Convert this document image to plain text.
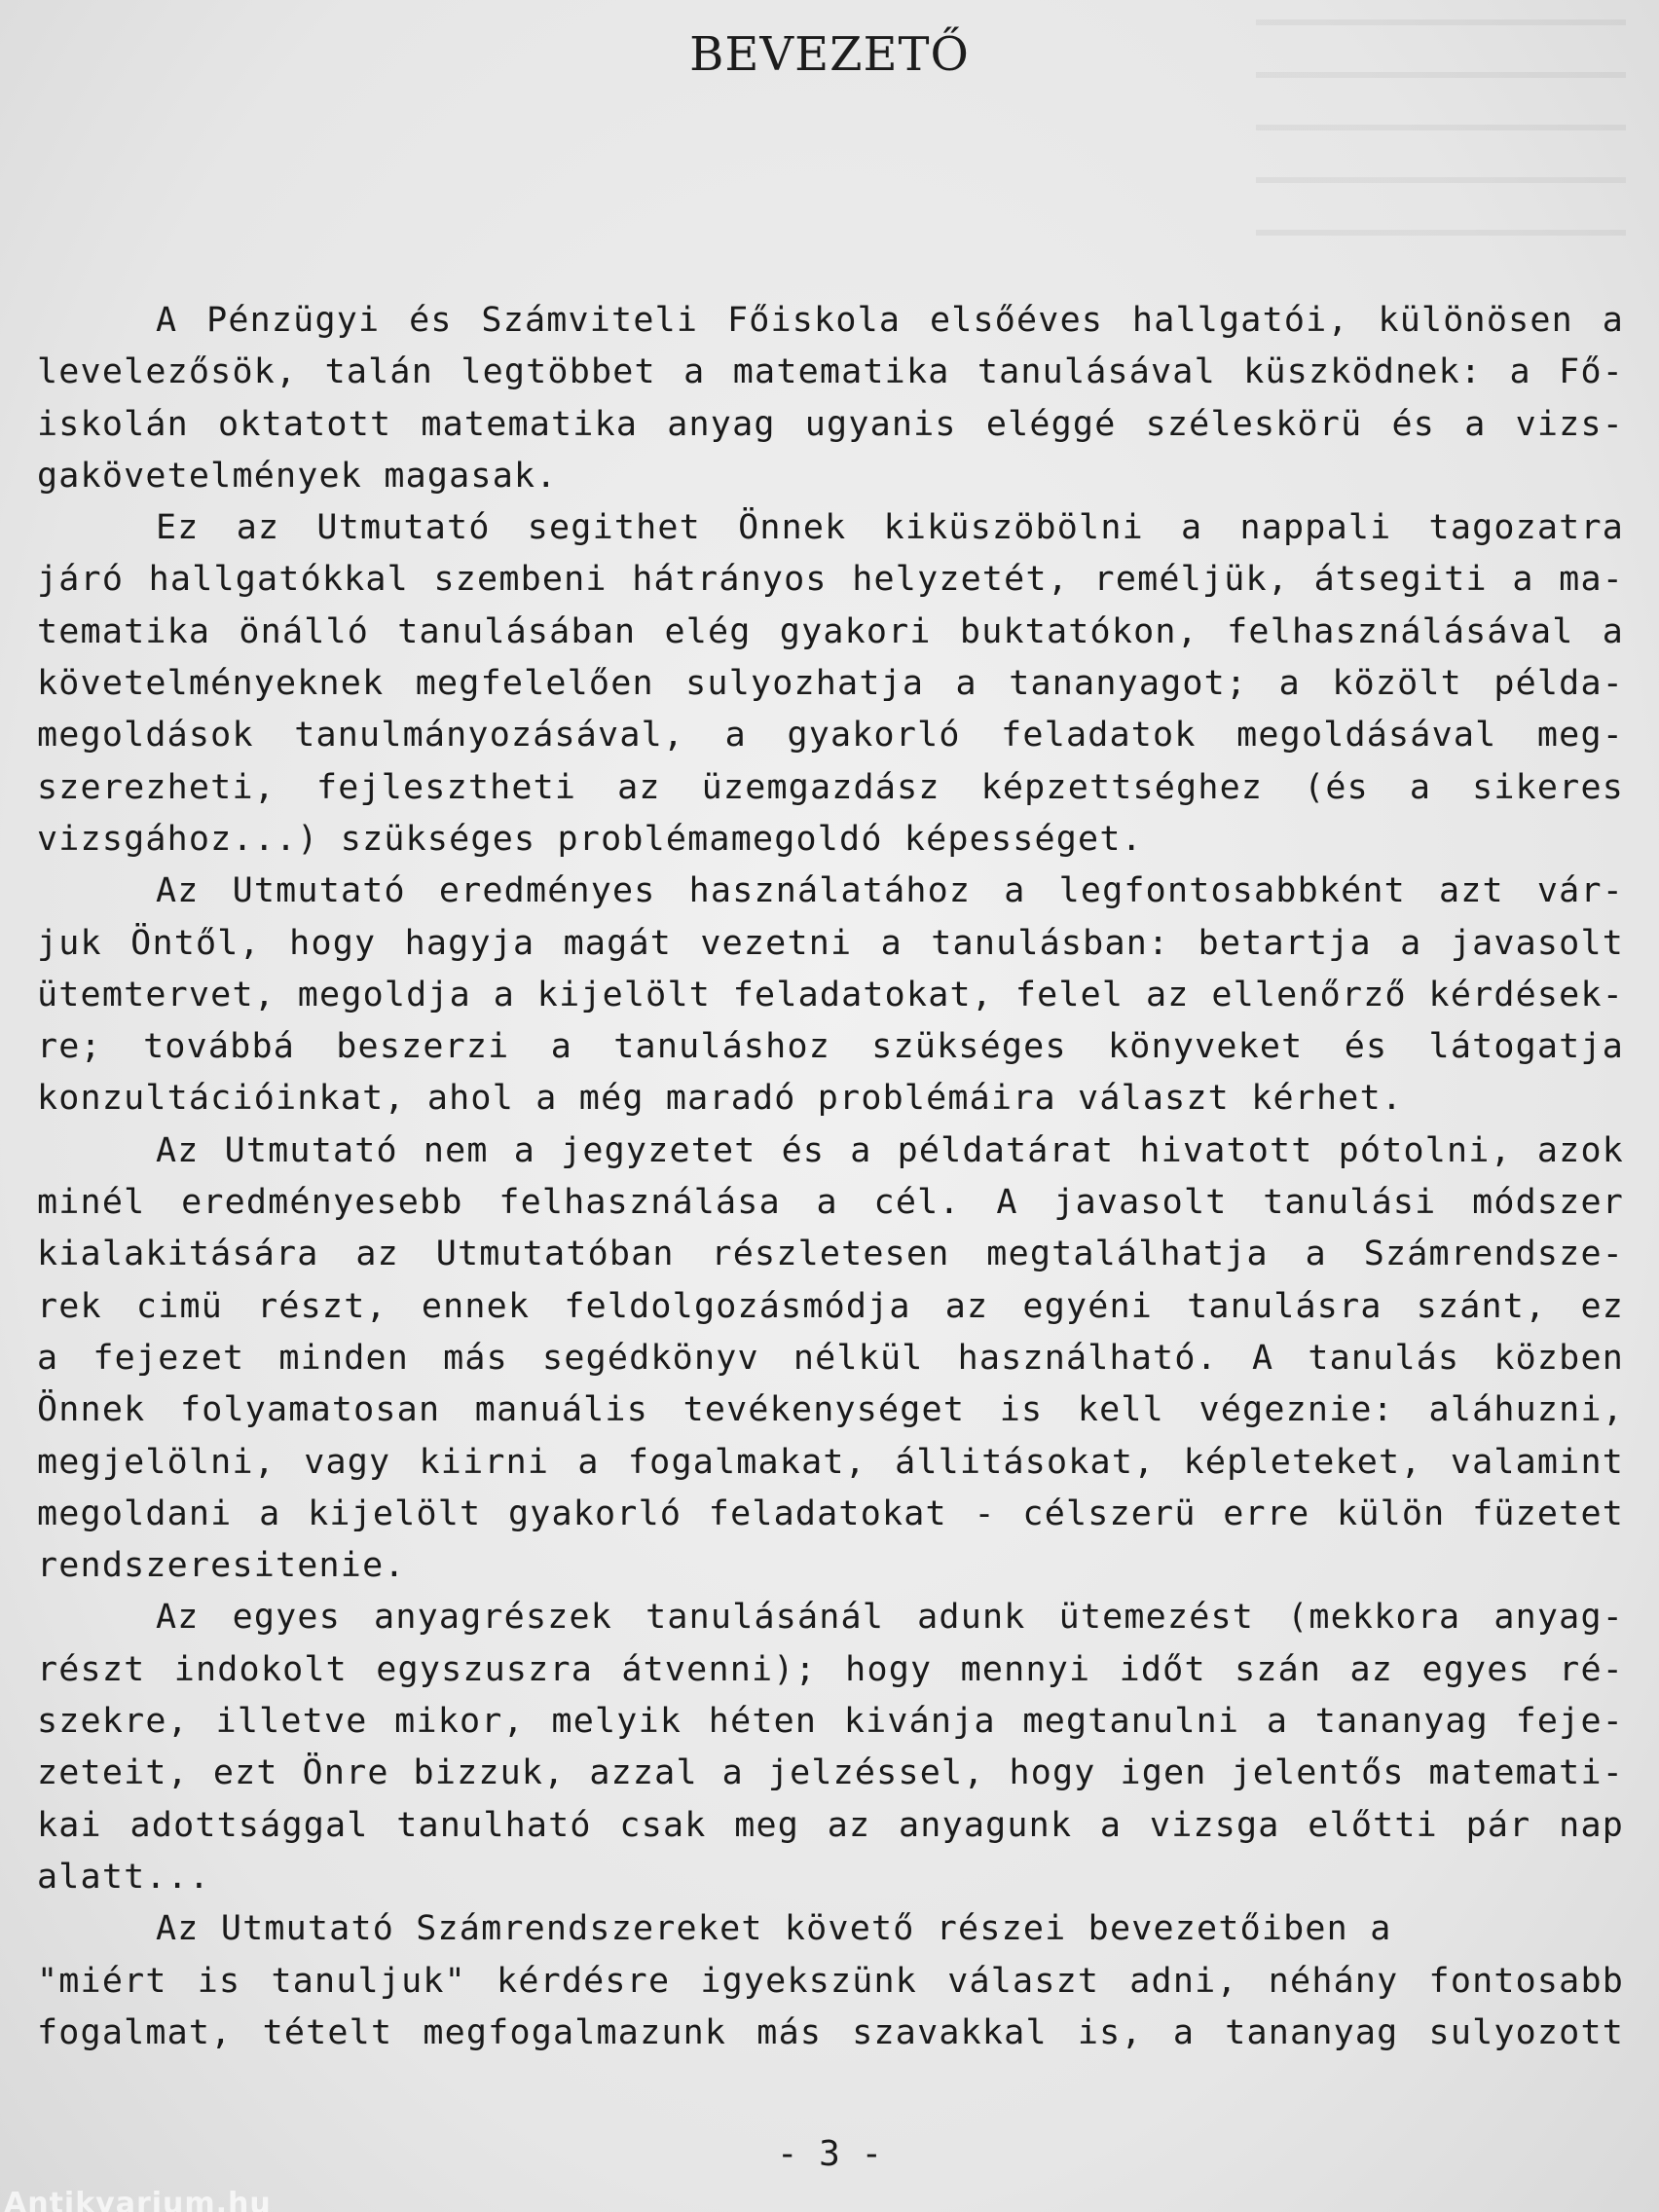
BEVEZETŐ
A Pénzügyi és Számviteli Főiskola elsőéves hallgatói, különösen a
levelezősök, talán legtöbbet a matematika tanulásával küszködnek: a Fő-
iskolán oktatott matematika anyag ugyanis eléggé széleskörü és a vizs-
gakövetelmények magasak.
Ez az Utmutató segithet Önnek kiküszöbölni a nappali tagozatra
járó hallgatókkal szembeni hátrányos helyzetét, reméljük, átsegiti a ma-
tematika önálló tanulásában elég gyakori buktatókon, felhasználásával a
követelményeknek megfelelően sulyozhatja a tananyagot; a közölt példa-
megoldások tanulmányozásával, a gyakorló feladatok megoldásával meg-
szerezheti, fejlesztheti az üzemgazdász képzettséghez (és a sikeres
vizsgához...) szükséges problémamegoldó képességet.
Az Utmutató eredményes használatához a legfontosabbként azt vár-
juk Öntől, hogy hagyja magát vezetni a tanulásban: betartja a javasolt
ütemtervet, megoldja a kijelölt feladatokat, felel az ellenőrző kérdések-
re; továbbá beszerzi a tanuláshoz szükséges könyveket és látogatja
konzultációinkat, ahol a még maradó problémáira választ kérhet.
Az Utmutató nem a jegyzetet és a példatárat hivatott pótolni, azok
minél eredményesebb felhasználása a cél. A javasolt tanulási módszer
kialakitására az Utmutatóban részletesen megtalálhatja a Számrendsze-
rek cimü részt, ennek feldolgozásmódja az egyéni tanulásra szánt, ez
a fejezet minden más segédkönyv nélkül használható. A tanulás közben
Önnek folyamatosan manuális tevékenységet is kell végeznie: aláhuzni,
megjelölni, vagy kiirni a fogalmakat, állitásokat, képleteket, valamint
megoldani a kijelölt gyakorló feladatokat - célszerü erre külön füzetet
rendszeresitenie.
Az egyes anyagrészek tanulásánál adunk ütemezést (mekkora anyag-
részt indokolt egyszuszra átvenni); hogy mennyi időt szán az egyes ré-
szekre, illetve mikor, melyik héten kivánja megtanulni a tananyag feje-
zeteit, ezt Önre bizzuk, azzal a jelzéssel, hogy igen jelentős matemati-
kai adottsággal tanulható csak meg az anyagunk a vizsga előtti pár nap
alatt...
Az Utmutató Számrendszereket követő részei bevezetőiben a
"miért is tanuljuk" kérdésre igyekszünk választ adni, néhány fontosabb
fogalmat, tételt megfogalmazunk más szavakkal is, a tananyag sulyozott
- 3 -
Antikvarium.hu
